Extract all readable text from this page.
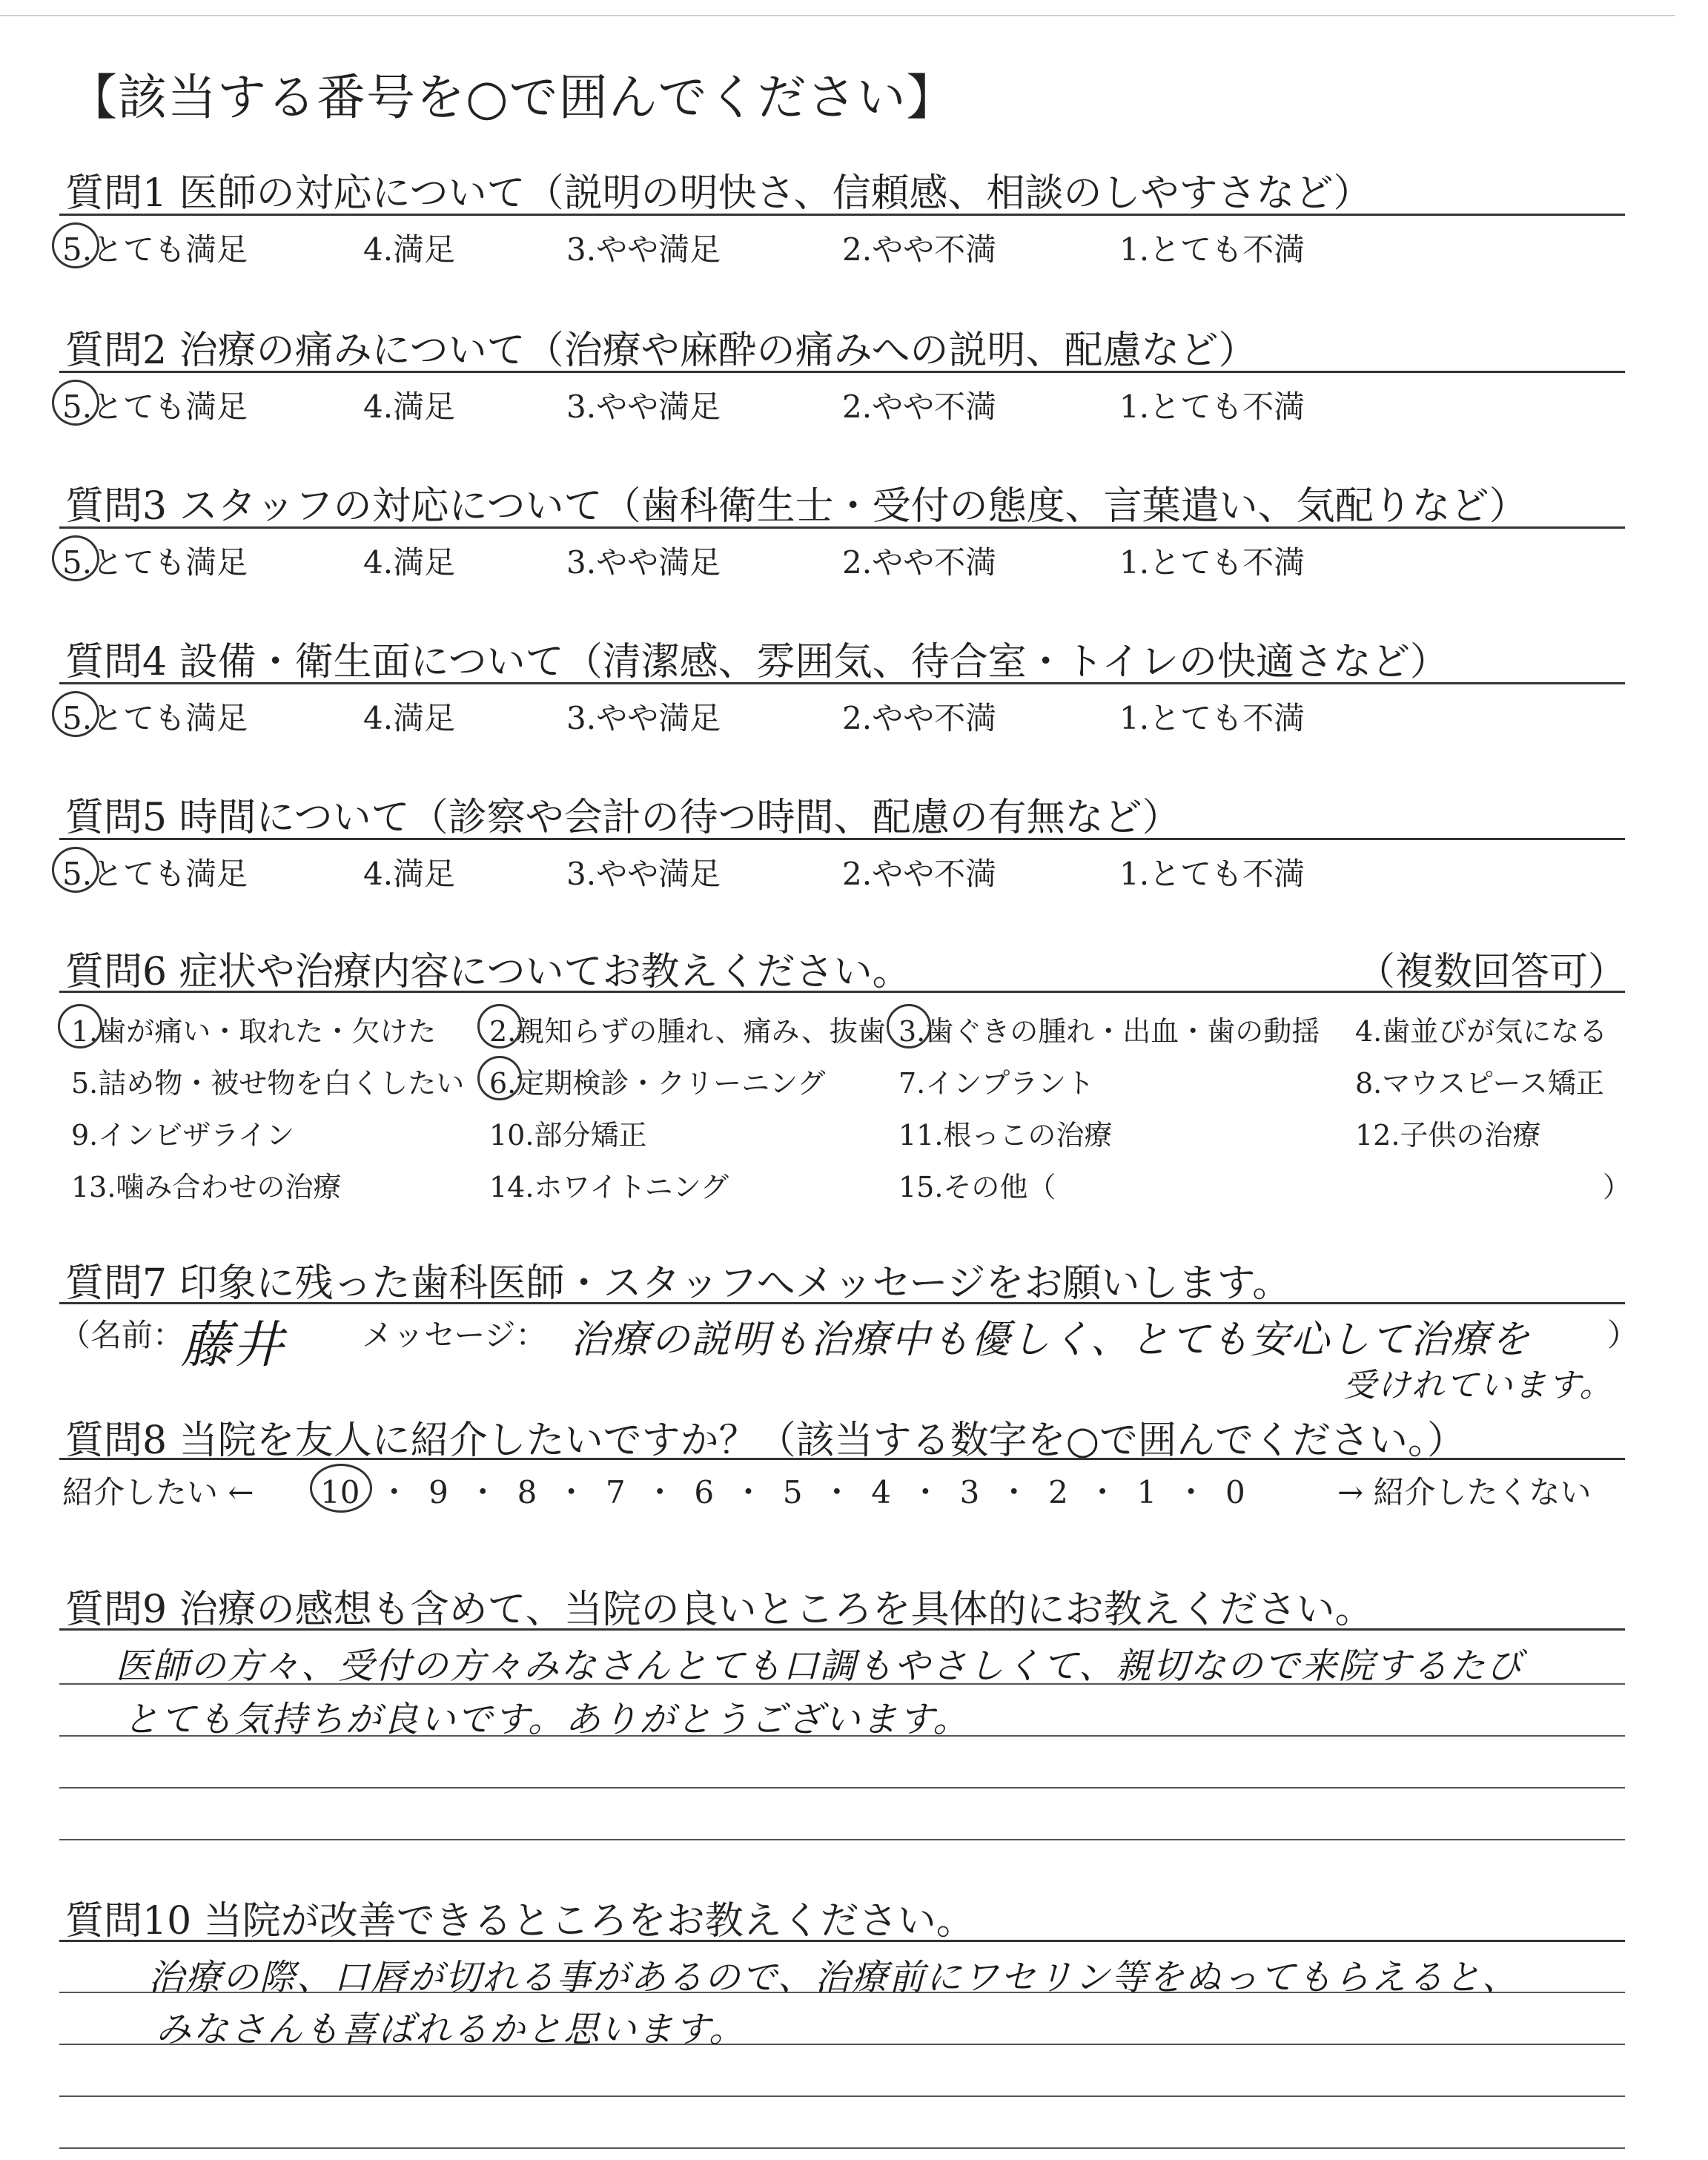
【該当する番号を○で囲んでください】
質問1 医師の対応について（説明の明快さ、信頼感、相談のしやすさなど）
5.とても満足	4.満足	3.やや満足	2.やや不満	1.とても不満
質問2 治療の痛みについて（治療や麻酔の痛みへの説明、配慮など）
5.とても満足	4.満足	3.やや満足	2.やや不満	1.とても不満
質問3 スタッフの対応について（歯科衛生士・受付の態度、言葉遣い、気配りなど）
5.とても満足	4.満足	3.やや満足	2.やや不満	1.とても不満
質問4 設備・衛生面について（清潔感、雰囲気、待合室・トイレの快適さなど）
5.とても満足	4.満足	3.やや満足	2.やや不満	1.とても不満
質問5 時間について（診察や会計の待つ時間、配慮の有無など）
5.とても満足	4.満足	3.やや満足	2.やや不満	1.とても不満
質問6 症状や治療内容についてお教えください。	（複数回答可）
1.歯が痛い・取れた・欠けた 2.親知らずの腫れ、痛み、抜歯 3.歯ぐきの腫れ・出血・歯の動揺 4.歯並びが気になる
5.詰め物・被せ物を白くしたい 6.定期検診・クリーニング	7.インプラント	8.マウスピース矯正
9.インビザライン	10.部分矯正	11.根っこの治療	12.子供の治療
13.噛み合わせの治療	14.ホワイトニング	15.その他（	）
質問7 印象に残った歯科医師・スタッフへメッセージをお願いします。
（名前：
藤井 メッセージ： 治療の説明も治療中も優しく、とても安心して治療を
受けれています。
）
質問8 当院を友人に紹介したいですか？（該当する数字を○で囲んでください。）
紹介したい ← 10 ・ 9 ・ 8 ・ 7 ・ 6 ・ 5 ・ 4 ・ 3 ・ 2 ・ 1 ・ 0	→ 紹介したくない
質問9 治療の感想も含めて、当院の良いところを具体的にお教えください。
医師の方々、受付の方々みなさんとても口調もやさしくて、親切なので来院するたび
とても気持ちが良いです。ありがとうございます。
質問10 当院が改善できるところをお教えください。
治療の際、口唇が切れる事があるので、治療前にワセリン等をぬってもらえると、
みなさんも喜ばれるかと思います。
